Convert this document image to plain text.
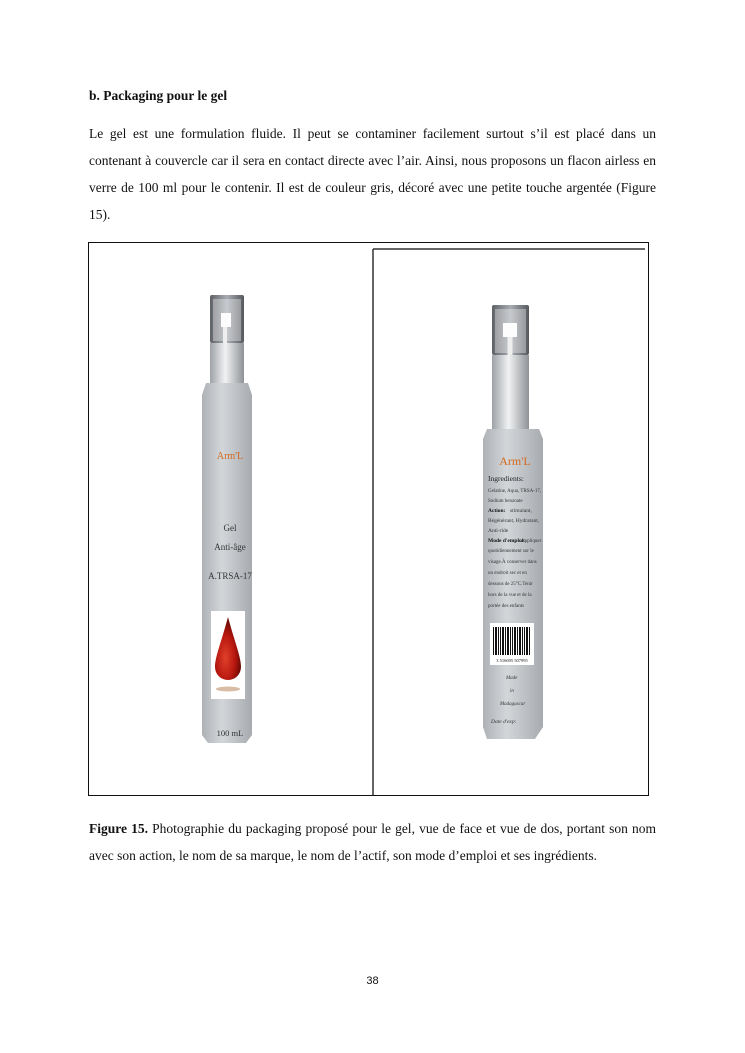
b. Packaging pour le gel

Le gel est une formulation fluide. Il peut se contaminer facilement surtout s’il est placé dans un contenant à couvercle car il sera en contact directe avec l’air. Ainsi, nous proposons un flacon airless en verre de 100 ml pour le contenir. Il est de couleur gris, décoré avec une petite touche argentée (Figure 15).

Arm'L
Gel
Anti-âge
A.TRSA-17
100 mL
Arm'L
Ingredients:
Gelatine, Aqua, TRSA-17,
Sodium benzoate
Action: stimulant,
Régénérant, Hydratant,
Anti-ride
Mode d'emploi:
Appliquer
quotidiennement sur le
visage.À conserver dans
un endroit sec et en
dessous de 25°C.Tenir
hors de la vue et de la
portée des enfants
3 516695 507995
Made
in
Madagascar
Date d'exp:

Figure 15. Photographie du packaging proposé pour le gel, vue de face et vue de dos, portant son nom avec son action, le nom de sa marque, le nom de l’actif, son mode d’emploi et ses ingrédients.

38
